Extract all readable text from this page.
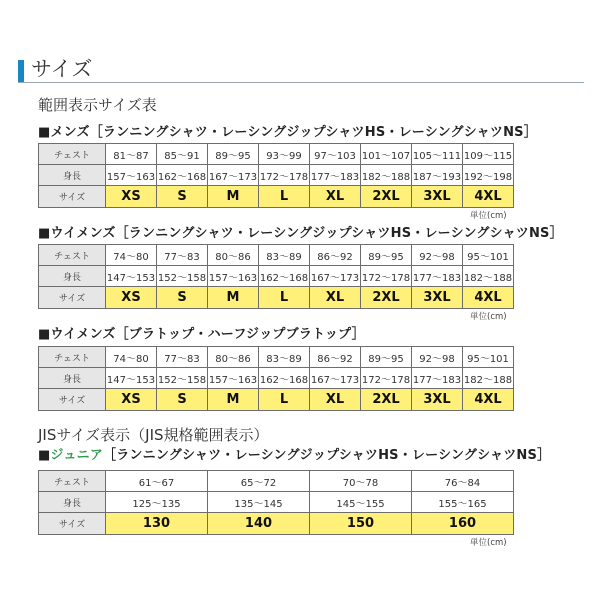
サイズ
範囲表示サイズ表
■メンズ［ランニングシャツ・レーシングジップシャツHS・レーシングシャツNS］
チェスト	81～87	85～91	89～95	93～99	97～103	101～107	105～111	109～115
身長	157～163	162～168	167～173	172～178	177～183	182～188	187～193	192～198
サイズ	XS	S	M	L	XL	2XL	3XL	4XL
単位(cm)
■ウイメンズ［ランニングシャツ・レーシングジップシャツHS・レーシングシャツNS］
チェスト	74～80	77～83	80～86	83～89	86～92	89～95	92～98	95～101
身長	147～153	152～158	157～163	162～168	167～173	172～178	177～183	182～188
サイズ	XS	S	M	L	XL	2XL	3XL	4XL
単位(cm)
■ウイメンズ［ブラトップ・ハーフジップブラトップ］
チェスト	74～80	77～83	80～86	83～89	86～92	89～95	92～98	95～101
身長	147～153	152～158	157～163	162～168	167～173	172～178	177～183	182～188
サイズ	XS	S	M	L	XL	2XL	3XL	4XL
JISサイズ表示（JIS規格範囲表示）
■ジュニア［ランニングシャツ・レーシングジップシャツHS・レーシングシャツNS］
チェスト	61～67	65～72	70～78	76～84
身長	125～135	135～145	145～155	155～165
サイズ	130	140	150	160
単位(cm)
